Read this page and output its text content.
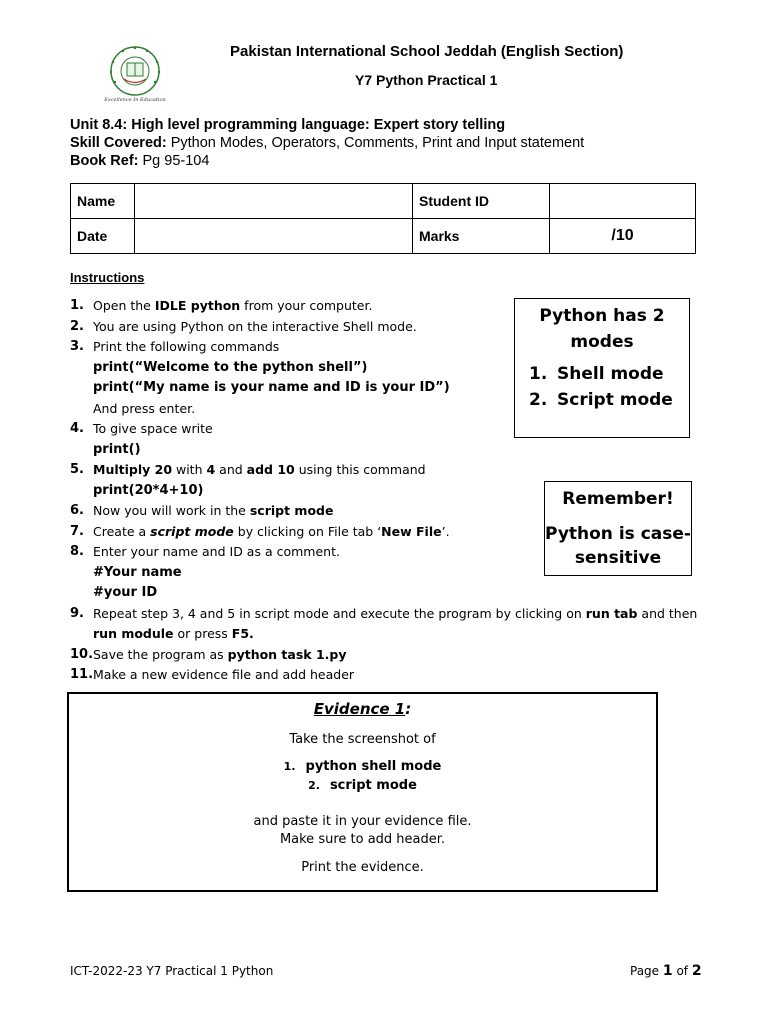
Excellence In Education
Pakistan International School Jeddah (English Section)
Y7 Python Practical 1
Unit 8.4: High level programming language: Expert story telling
Skill Covered: Python Modes, Operators, Comments, Print and Input statement
Book Ref: Pg 95-104
Name		Student ID	
Date		Marks	/10
Instructions
1. Open the IDLE python from your computer.
2. You are using Python on the interactive Shell mode.
3. Print the following commands
print(“Welcome to the python shell”)
print(“My name is your name and ID is your ID”)
And press enter.
4. To give space write
print()
5. Multiply 20 with 4 and add 10 using this command
print(20*4+10)
6. Now you will work in the script mode
7. Create a script mode by clicking on File tab ‘New File’.
8. Enter your name and ID as a comment.
#Your name
#your ID
9. Repeat step 3, 4 and 5 in script mode and execute the program by clicking on run tab and then
run module or press F5.
10. Save the program as python task 1.py
11. Make a new evidence file and add header
Python has 2 modes
1. Shell mode
2. Script mode
Remember!
Python is case-sensitive
Evidence 1:
Take the screenshot of
1. python shell mode
2. script mode
and paste it in your evidence file.
Make sure to add header.
Print the evidence.
ICT-2022-23 Y7 Practical 1 Python	Page 1 of 2
